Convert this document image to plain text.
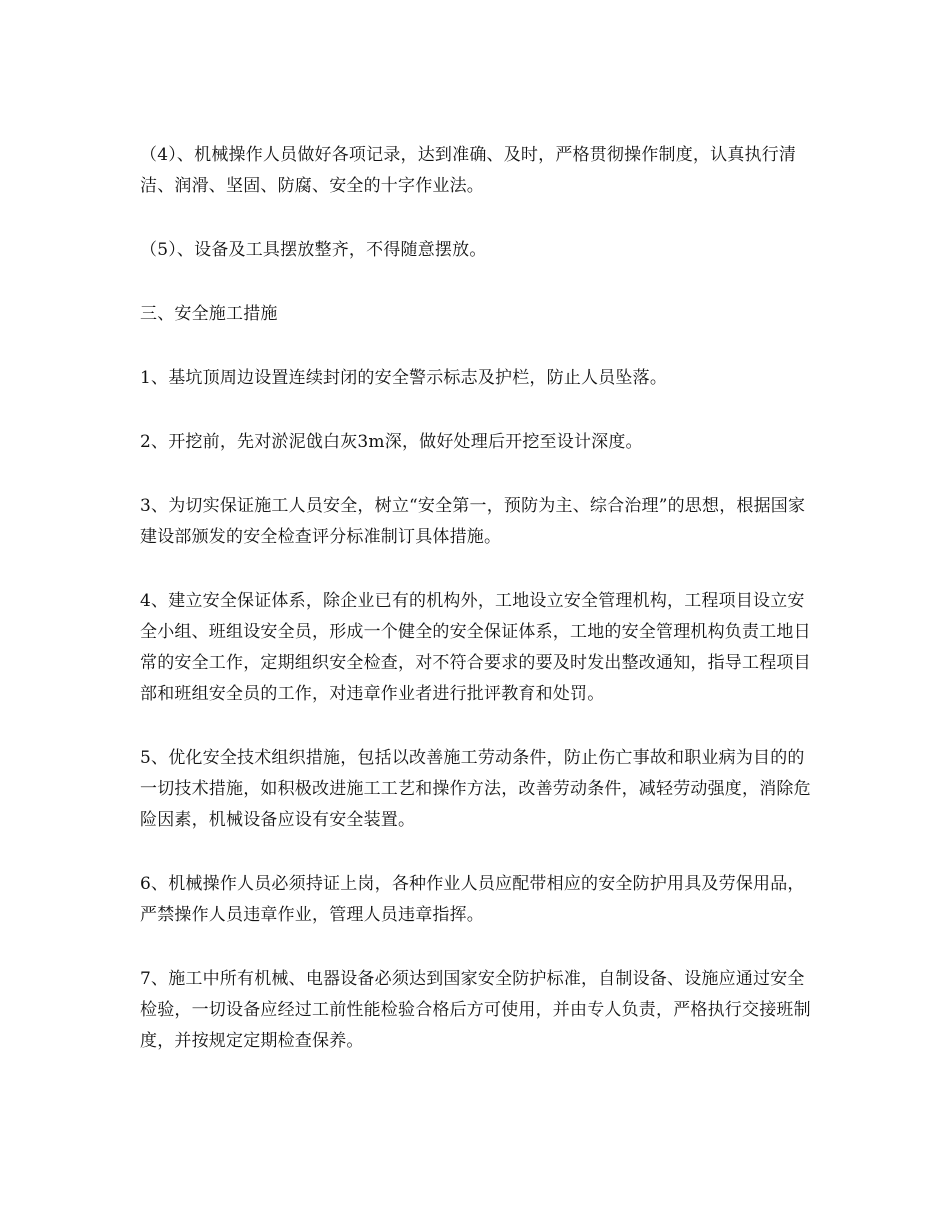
（4）、机械操作人员做好各项记录，达到准确、及时，严格贯彻操作制度，认真执行清洁、润滑、坚固、防腐、安全的十字作业法。

（5）、设备及工具摆放整齐，不得随意摆放。

三、安全施工措施

1、基坑顶周边设置连续封闭的安全警示标志及护栏，防止人员坠落。

2、开挖前，先对淤泥戗白灰3m深，做好处理后开挖至设计深度。

3、为切实保证施工人员安全，树立“安全第一，预防为主、综合治理”的思想，根据国家建设部颁发的安全检查评分标准制订具体措施。

4、建立安全保证体系，除企业已有的机构外，工地设立安全管理机构，工程项目设立安全小组、班组设安全员，形成一个健全的安全保证体系，工地的安全管理机构负责工地日常的安全工作，定期组织安全检查，对不符合要求的要及时发出整改通知，指导工程项目部和班组安全员的工作，对违章作业者进行批评教育和处罚。

5、优化安全技术组织措施，包括以改善施工劳动条件，防止伤亡事故和职业病为目的的一切技术措施，如积极改进施工工艺和操作方法，改善劳动条件，减轻劳动强度，消除危险因素，机械设备应设有安全装置。

6、机械操作人员必须持证上岗，各种作业人员应配带相应的安全防护用具及劳保用品，严禁操作人员违章作业，管理人员违章指挥。

7、施工中所有机械、电器设备必须达到国家安全防护标准，自制设备、设施应通过安全检验，一切设备应经过工前性能检验合格后方可使用，并由专人负责，严格执行交接班制度，并按规定定期检查保养。
